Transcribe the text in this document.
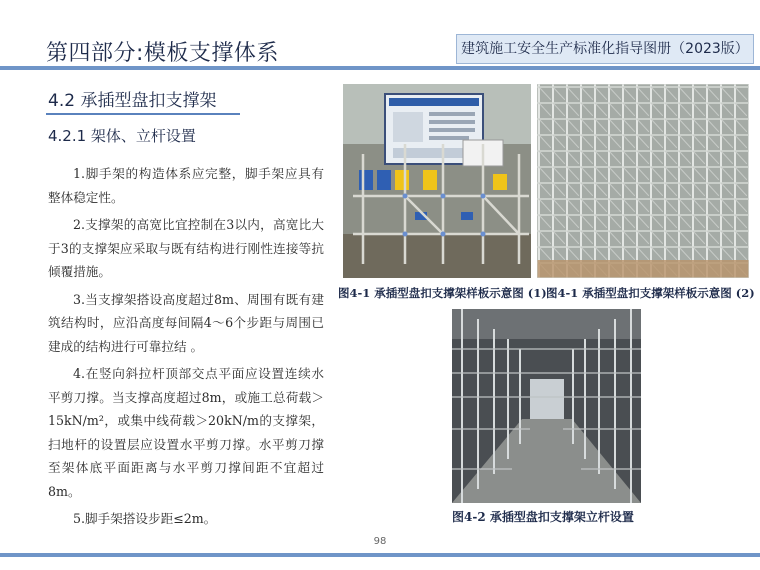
第四部分:模板支撑体系	建筑施工安全生产标准化指导图册（2023版）
4.2 承插型盘扣支撑架
4.2.1 架体、立杆设置

1.脚手架的构造体系应完整，脚手架应具有整体稳定性。

2.支撑架的高宽比宜控制在3以内，高宽比大于3的支撑架应采取与既有结构进行刚性连接等抗倾覆措施。

3.当支撑架搭设高度超过8m、周围有既有建筑结构时，应沿高度每间隔4～6个步距与周围已建成的结构进行可靠拉结 。

4.在竖向斜拉杆顶部交点平面应设置连续水平剪刀撑。当支撑高度超过8m，或施工总荷载＞15kN/m²，或集中线荷载＞20kN/m的支撑架，扫地杆的设置层应设置水平剪刀撑。水平剪刀撑至架体底平面距离与水平剪刀撑间距不宜超过8m。

5.脚手架搭设步距≤2m。

图4-1 承插型盘扣支撑架样板示意图 (1) 图4-1 承插型盘扣支撑架样板示意图 (2)
图4-2 承插型盘扣支撑架立杆设置
98
